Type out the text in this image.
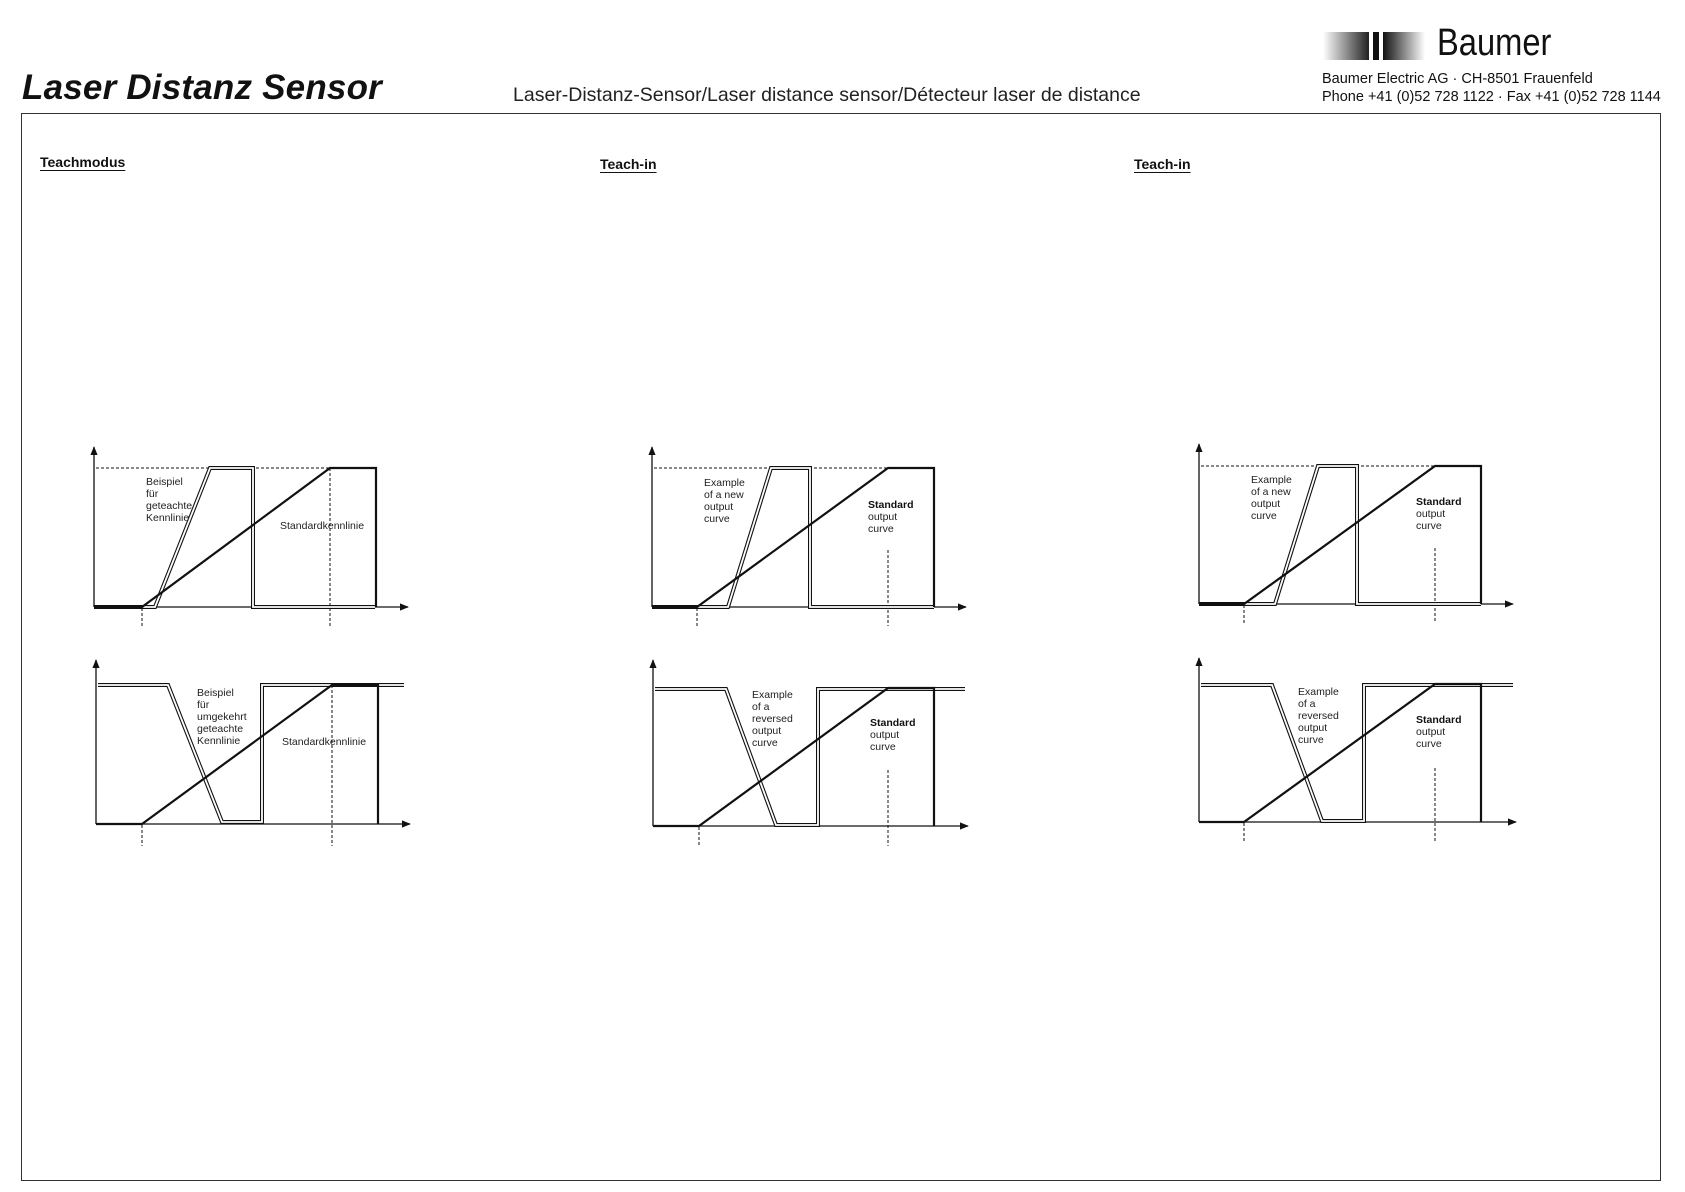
Laser Distanz Sensor	Laser-Distanz-Sensor/Laser distance sensor/Détecteur laser de distance
Baumer
Baumer Electric AG · CH-8501 Frauenfeld
Phone +41 (0)52 728 1122 · Fax +41 (0)52 728 1144
Teachmodus	Teach-in	Teach-in
Beispiel für geteachte Kennlinie
Standardkennlinie
Beispiel für umgekehrt geteachte Kennlinie	Standardkennlinie
Example of a new output curve
Standard output curve
Example of a reversed output curve
Standard output curve
Example of a new output curve
Standard output curve
Example of a reversed output curve
Standard output curve
